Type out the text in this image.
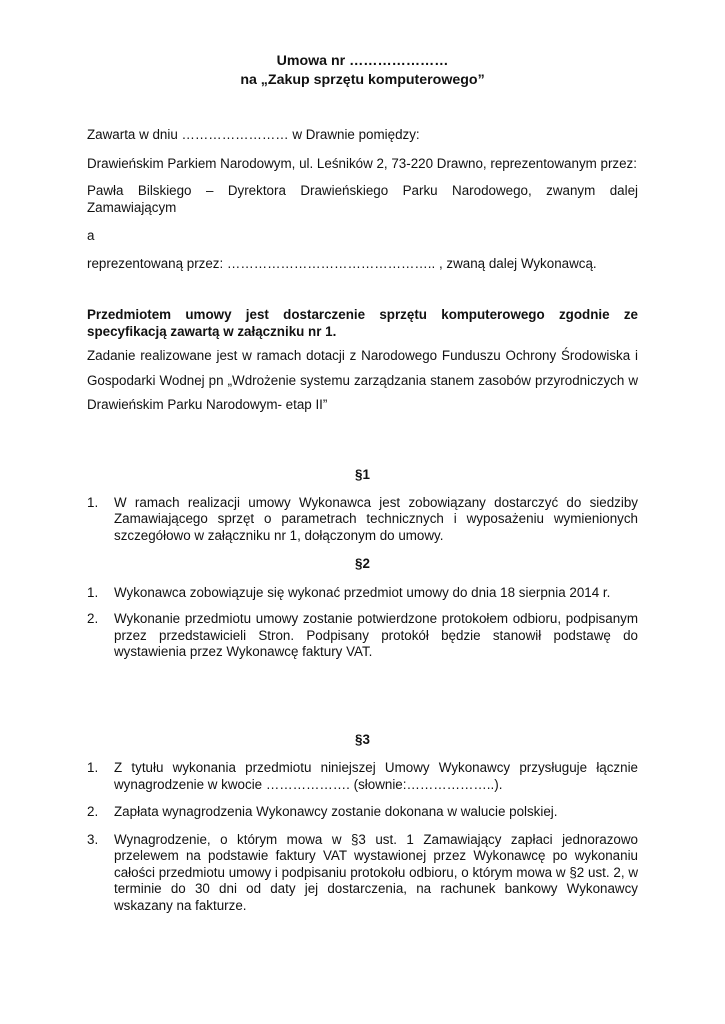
Umowa nr …………………

na „Zakup sprzętu komputerowego”

Zawarta w dniu …………………… w Drawnie pomiędzy:

Drawieńskim Parkiem Narodowym, ul. Leśników 2, 73-220 Drawno, reprezentowanym przez:

Pawła Bilskiego – Dyrektora Drawieńskiego Parku Narodowego, zwanym dalej

Zamawiającym

a

reprezentowaną przez: ……………………………………….. , zwaną dalej Wykonawcą.

Przedmiotem umowy jest dostarczenie sprzętu komputerowego zgodnie ze

specyfikacją zawartą w załączniku nr 1.

Zadanie realizowane jest w ramach dotacji z Narodowego Funduszu Ochrony Środowiska i

Gospodarki Wodnej pn „Wdrożenie systemu zarządzania stanem zasobów przyrodniczych w

Drawieńskim Parku Narodowym- etap II”

§1

1. W ramach realizacji umowy Wykonawca jest zobowiązany dostarczyć do siedziby Zamawiającego sprzęt o parametrach technicznych i wyposażeniu wymienionych szczegółowo w załączniku nr 1, dołączonym do umowy.

§2

1. Wykonawca zobowiązuje się wykonać przedmiot umowy do dnia 18 sierpnia 2014 r.
2. Wykonanie przedmiotu umowy zostanie potwierdzone protokołem odbioru, podpisanym przez przedstawicieli Stron. Podpisany protokół będzie stanowił podstawę do wystawienia przez Wykonawcę faktury VAT.

§3

1. Z tytułu wykonania przedmiotu niniejszej Umowy Wykonawcy przysługuje łącznie wynagrodzenie w kwocie ………………. (słownie:………………..).
2. Zapłata wynagrodzenia Wykonawcy zostanie dokonana w walucie polskiej.
3. Wynagrodzenie, o którym mowa w §3 ust. 1 Zamawiający zapłaci jednorazowo przelewem na podstawie faktury VAT wystawionej przez Wykonawcę po wykonaniu całości przedmiotu umowy i podpisaniu protokołu odbioru, o którym mowa w §2 ust. 2, w terminie do 30 dni od daty jej dostarczenia, na rachunek bankowy Wykonawcy wskazany na fakturze.
